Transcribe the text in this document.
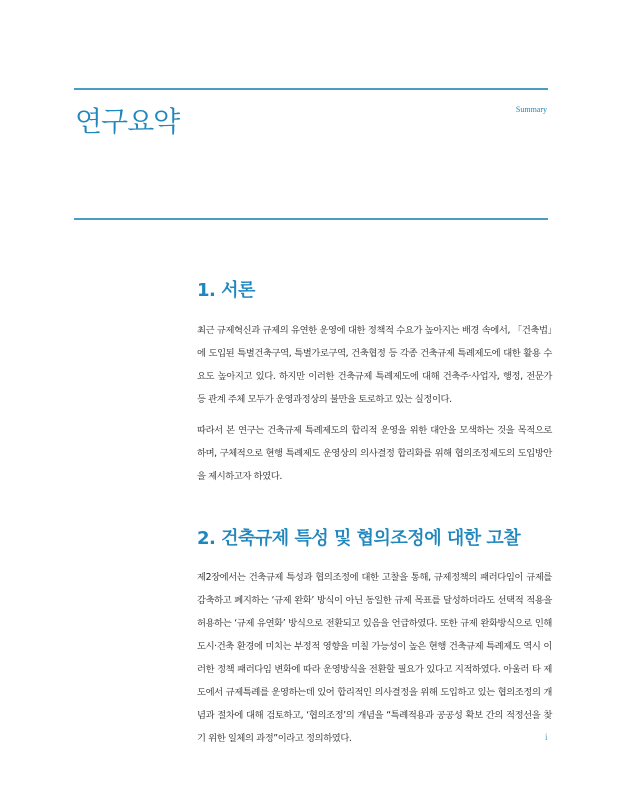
연구요약	Summary
1. 서론

최근 규제혁신과 규제의 유연한 운영에 대한 정책적 수요가 높아지는 배경 속에서, 「건축법」에 도입된 특별건축구역, 특별가로구역, 건축협정 등 각종 건축규제 특례제도에 대한 활용 수요도 높아지고 있다. 하지만 이러한 건축규제 특례제도에 대해 건축주·사업자, 행정, 전문가 등 관계 주체 모두가 운영과정상의 불만을 토로하고 있는 실정이다.

따라서 본 연구는 건축규제 특례제도의 합리적 운영을 위한 대안을 모색하는 것을 목적으로 하며, 구체적으로 현행 특례제도 운영상의 의사결정 합리화를 위해 협의조정제도의 도입방안을 제시하고자 하였다.

2. 건축규제 특성 및 협의조정에 대한 고찰

제2장에서는 건축규제 특성과 협의조정에 대한 고찰을 통해, 규제정책의 패러다임이 규제를 감축하고 폐지하는 ‘규제 완화’ 방식이 아닌 동일한 규제 목표를 달성하더라도 선택적 적용을 허용하는 ‘규제 유연화’ 방식으로 전환되고 있음을 언급하였다. 또한 규제 완화방식으로 인해 도시·건축 환경에 미치는 부정적 영향을 미칠 가능성이 높은 현행 건축규제 특례제도 역시 이러한 정책 패러다임 변화에 따라 운영방식을 전환할 필요가 있다고 지적하였다. 아울러 타 제도에서 규제특례를 운영하는데 있어 합리적인 의사결정을 위해 도입하고 있는 협의조정의 개념과 절차에 대해 검토하고, ‘협의조정’의 개념을 “특례적용과 공공성 확보 간의 적정선을 찾기 위한 일체의 과정”이라고 정의하였다.	i
